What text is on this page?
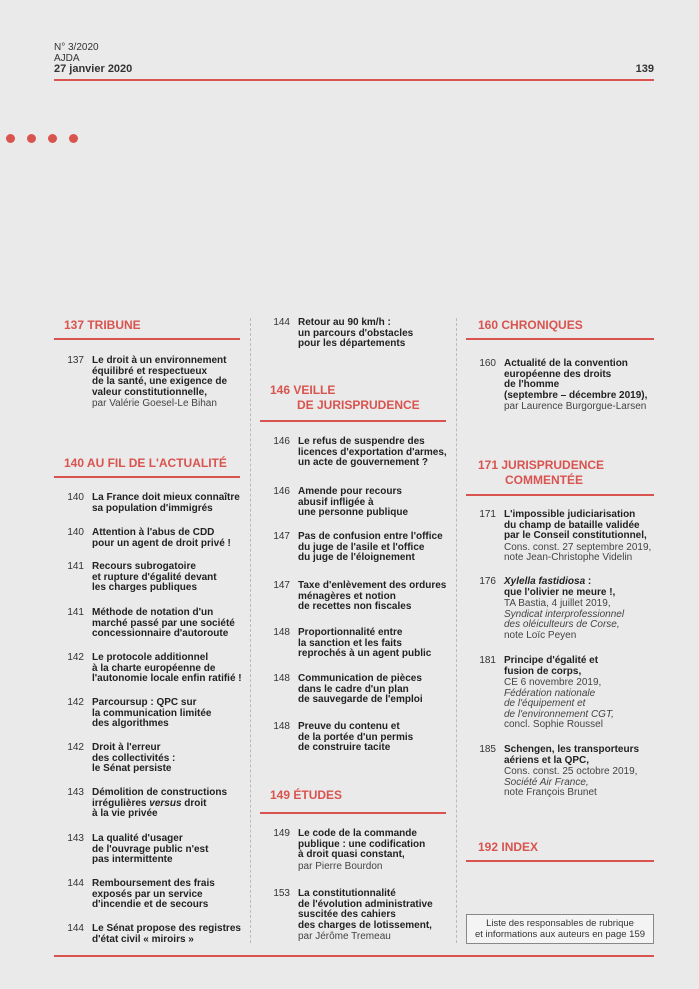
N° 3/2020
AJDA
27 janvier 2020	139
137 TRIBUNE
140 AU FIL DE L'ACTUALITÉ
146 VEILLE
DE JURISPRUDENCE
149 ÉTUDES
160 CHRONIQUES
171 JURISPRUDENCE
COMMENTÉE
192 INDEX
137 Le droit à un environnement
équilibré et respectueux
de la santé, une exigence de
valeur constitutionnelle,
par Valérie Goesel-Le Bihan
140 La France doit mieux connaître
sa population d'immigrés
140 Attention à l'abus de CDD
pour un agent de droit privé !
141 Recours subrogatoire
et rupture d'égalité devant
les charges publiques
141 Méthode de notation d'un
marché passé par une société
concessionnaire d'autoroute
142 Le protocole additionnel
à la charte européenne de
l'autonomie locale enfin ratifié !
142 Parcoursup : QPC sur
la communication limitée
des algorithmes
142 Droit à l'erreur
des collectivités :
le Sénat persiste
143 Démolition de constructions
irrégulières versus droit
à la vie privée
143 La qualité d'usager
de l'ouvrage public n'est
pas intermittente
144 Remboursement des frais
exposés par un service
d'incendie et de secours
144 Le Sénat propose des registres
d'état civil « miroirs »
144 Retour au 90 km/h :
un parcours d'obstacles
pour les départements
146 Le refus de suspendre des
licences d'exportation d'armes,
un acte de gouvernement ?
146 Amende pour recours
abusif infligée à
une personne publique
147 Pas de confusion entre l'office
du juge de l'asile et l'office
du juge de l'éloignement
147 Taxe d'enlèvement des ordures
ménagères et notion
de recettes non fiscales
148 Proportionnalité entre
la sanction et les faits
reprochés à un agent public
148 Communication de pièces
dans le cadre d'un plan
de sauvegarde de l'emploi
148 Preuve du contenu et
de la portée d'un permis
de construire tacite
149 Le code de la commande
publique : une codification
à droit quasi constant,
par Pierre Bourdon
153 La constitutionnalité
de l'évolution administrative
suscitée des cahiers
des charges de lotissement,
par Jérôme Tremeau
160 Actualité de la convention
européenne des droits
de l'homme
(septembre – décembre 2019),
par Laurence Burgorgue-Larsen
171 L'impossible judiciarisation
du champ de bataille validée
par le Conseil constitutionnel,
Cons. const. 27 septembre 2019,
note Jean-Christophe Videlin
176 Xylella fastidiosa :
que l'olivier ne meure !,
TA Bastia, 4 juillet 2019,
Syndicat interprofessionnel
des oléiculteurs de Corse,
note Loïc Peyen
181 Principe d'égalité et
fusion de corps,
CE 6 novembre 2019,
Fédération nationale
de l'équipement et
de l'environnement CGT,
concl. Sophie Roussel
185 Schengen, les transporteurs
aériens et la QPC,
Cons. const. 25 octobre 2019,
Société Air France,
note François Brunet
Liste des responsables de rubrique
et informations aux auteurs en page 159
